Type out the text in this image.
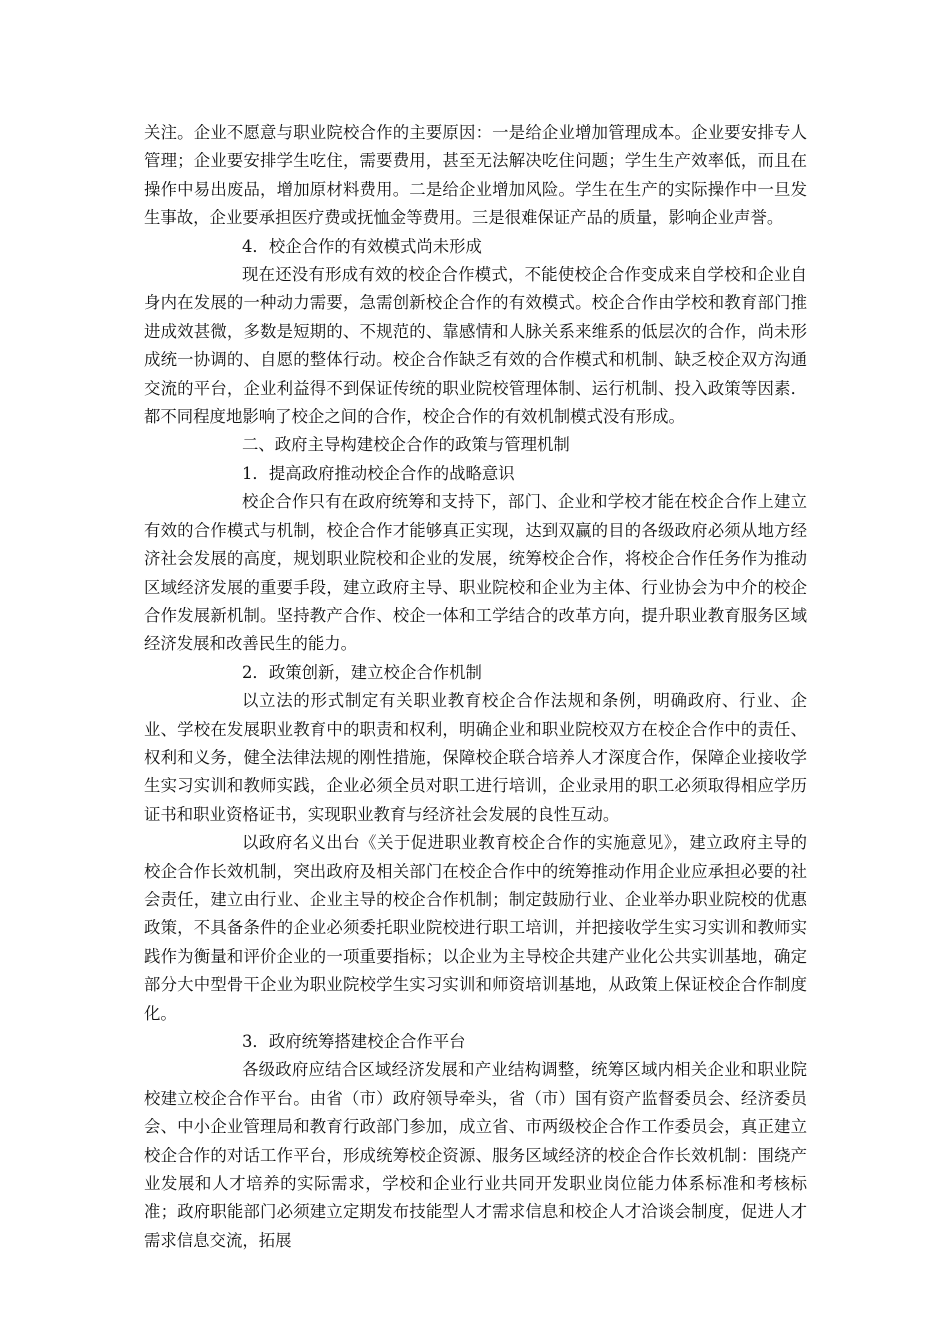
关注。企业不愿意与职业院校合作的主要原因：一是给企业增加管理成本。企业要安排专人管理；企业要安排学生吃住，需要费用，甚至无法解决吃住问题；学生生产效率低，而且在操作中易出废品，增加原材料费用。二是给企业增加风险。学生在生产的实际操作中一旦发生事故，企业要承担医疗费或抚恤金等费用。三是很难保证产品的质量，影响企业声誉。

4．校企合作的有效模式尚未形成

现在还没有形成有效的校企合作模式，不能使校企合作变成来自学校和企业自身内在发展的一种动力需要，急需创新校企合作的有效模式。校企合作由学校和教育部门推进成效甚微，多数是短期的、不规范的、靠感情和人脉关系来维系的低层次的合作，尚未形成统一协调的、自愿的整体行动。校企合作缺乏有效的合作模式和机制、缺乏校企双方沟通交流的平台，企业利益得不到保证传统的职业院校管理体制、运行机制、投入政策等因素．都不同程度地影响了校企之间的合作，校企合作的有效机制模式没有形成。

二、政府主导构建校企合作的政策与管理机制

1．提高政府推动校企合作的战略意识

校企合作只有在政府统筹和支持下，部门、企业和学校才能在校企合作上建立有效的合作模式与机制，校企合作才能够真正实现，达到双赢的目的各级政府必须从地方经济社会发展的高度，规划职业院校和企业的发展，统筹校企合作，将校企合作任务作为推动区域经济发展的重要手段，建立政府主导、职业院校和企业为主体、行业协会为中介的校企合作发展新机制。坚持教产合作、校企一体和工学结合的改革方向，提升职业教育服务区域经济发展和改善民生的能力。

2．政策创新，建立校企合作机制

以立法的形式制定有关职业教育校企合作法规和条例，明确政府、行业、企业、学校在发展职业教育中的职责和权利，明确企业和职业院校双方在校企合作中的责任、权利和义务，健全法律法规的刚性措施，保障校企联合培养人才深度合作，保障企业接收学生实习实训和教师实践，企业必须全员对职工进行培训，企业录用的职工必须取得相应学历证书和职业资格证书，实现职业教育与经济社会发展的良性互动。

以政府名义出台《关于促进职业教育校企合作的实施意见》，建立政府主导的校企合作长效机制，突出政府及相关部门在校企合作中的统筹推动作用企业应承担必要的社会责任，建立由行业、企业主导的校企合作机制；制定鼓励行业、企业举办职业院校的优惠政策，不具备条件的企业必须委托职业院校进行职工培训，并把接收学生实习实训和教师实践作为衡量和评价企业的一项重要指标；以企业为主导校企共建产业化公共实训基地，确定部分大中型骨干企业为职业院校学生实习实训和师资培训基地，从政策上保证校企合作制度化。

3．政府统筹搭建校企合作平台

各级政府应结合区域经济发展和产业结构调整，统筹区域内相关企业和职业院校建立校企合作平台。由省（市）政府领导牵头，省（市）国有资产监督委员会、经济委员会、中小企业管理局和教育行政部门参加，成立省、市两级校企合作工作委员会，真正建立校企合作的对话工作平台，形成统筹校企资源、服务区域经济的校企合作长效机制：围绕产业发展和人才培养的实际需求，学校和企业行业共同开发职业岗位能力体系标准和考核标准；政府职能部门必须建立定期发布技能型人才需求信息和校企人才洽谈会制度，促进人才需求信息交流，拓展
